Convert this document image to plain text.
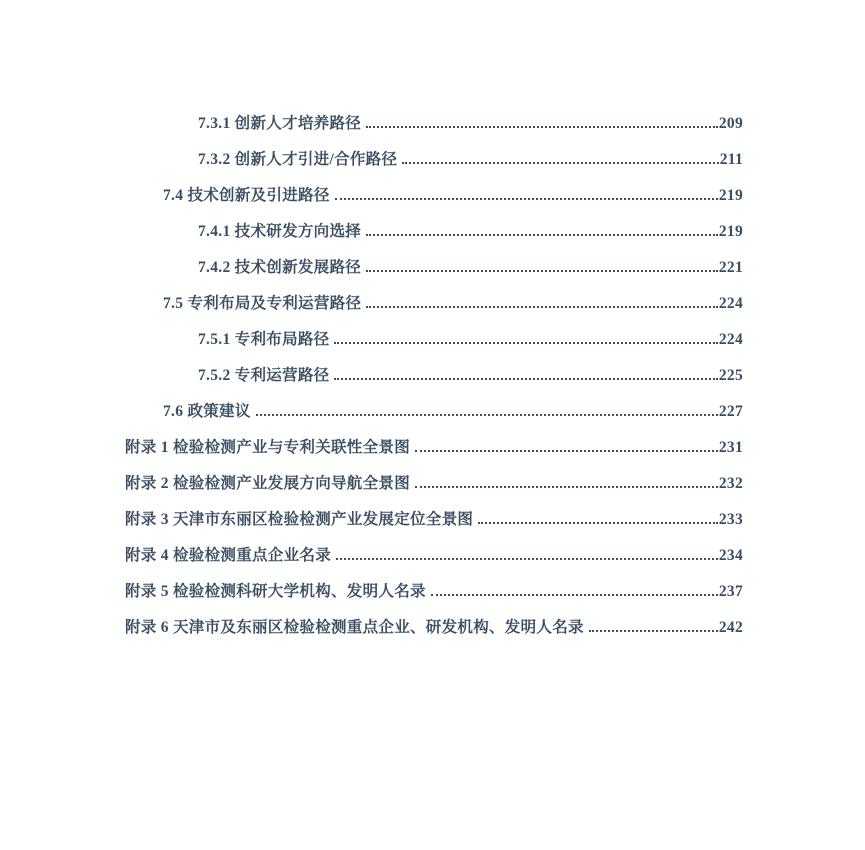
7.3.1 创新人才培养路径	209
7.3.2 创新人才引进/合作路径	211
7.4 技术创新及引进路径	219
7.4.1 技术研发方向选择	219
7.4.2 技术创新发展路径	221
7.5 专利布局及专利运营路径	224
7.5.1 专利布局路径	224
7.5.2 专利运营路径	225
7.6 政策建议	227
附录 1 检验检测产业与专利关联性全景图	231
附录 2 检验检测产业发展方向导航全景图	232
附录 3 天津市东丽区检验检测产业发展定位全景图	233
附录 4 检验检测重点企业名录	234
附录 5 检验检测科研大学机构、发明人名录	237
附录 6 天津市及东丽区检验检测重点企业、研发机构、发明人名录	242
